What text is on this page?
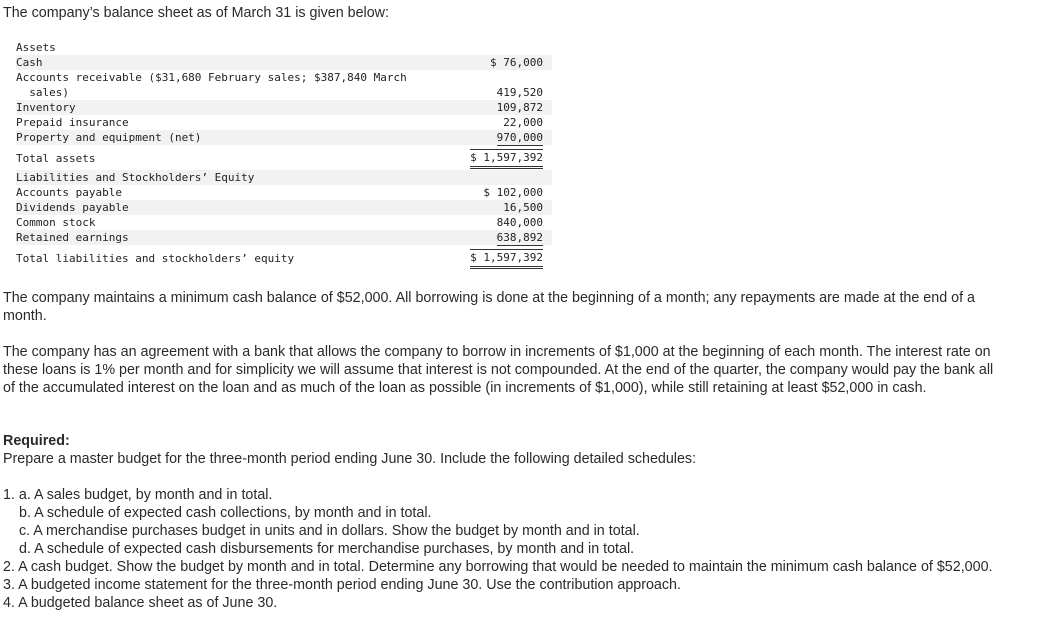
The company’s balance sheet as of March 31 is given below:
Assets
Cash	$ 76,000
Accounts receivable ($31,680 February sales; $387,840 March
sales)	419,520
Inventory	109,872
Prepaid insurance	22,000
Property and equipment (net)	970,000
Total assets	$ 1,597,392
Liabilities and Stockholders’ Equity
Accounts payable	$ 102,000
Dividends payable	16,500
Common stock	840,000
Retained earnings	638,892
Total liabilities and stockholders’ equity	$ 1,597,392
The company maintains a minimum cash balance of $52,000. All borrowing is done at the beginning of a month; any repayments are made at the end of a month.
The company has an agreement with a bank that allows the company to borrow in increments of $1,000 at the beginning of each month. The interest rate on these loans is 1% per month and for simplicity we will assume that interest is not compounded. At the end of the quarter, the company would pay the bank all of the accumulated interest on the loan and as much of the loan as possible (in increments of $1,000), while still retaining at least $52,000 in cash.
Required:
Prepare a master budget for the three-month period ending June 30. Include the following detailed schedules:
1. a. A sales budget, by month and in total.
b. A schedule of expected cash collections, by month and in total.
c. A merchandise purchases budget in units and in dollars. Show the budget by month and in total.
d. A schedule of expected cash disbursements for merchandise purchases, by month and in total.
2. A cash budget. Show the budget by month and in total. Determine any borrowing that would be needed to maintain the minimum cash balance of $52,000.
3. A budgeted income statement for the three-month period ending June 30. Use the contribution approach.
4. A budgeted balance sheet as of June 30.
